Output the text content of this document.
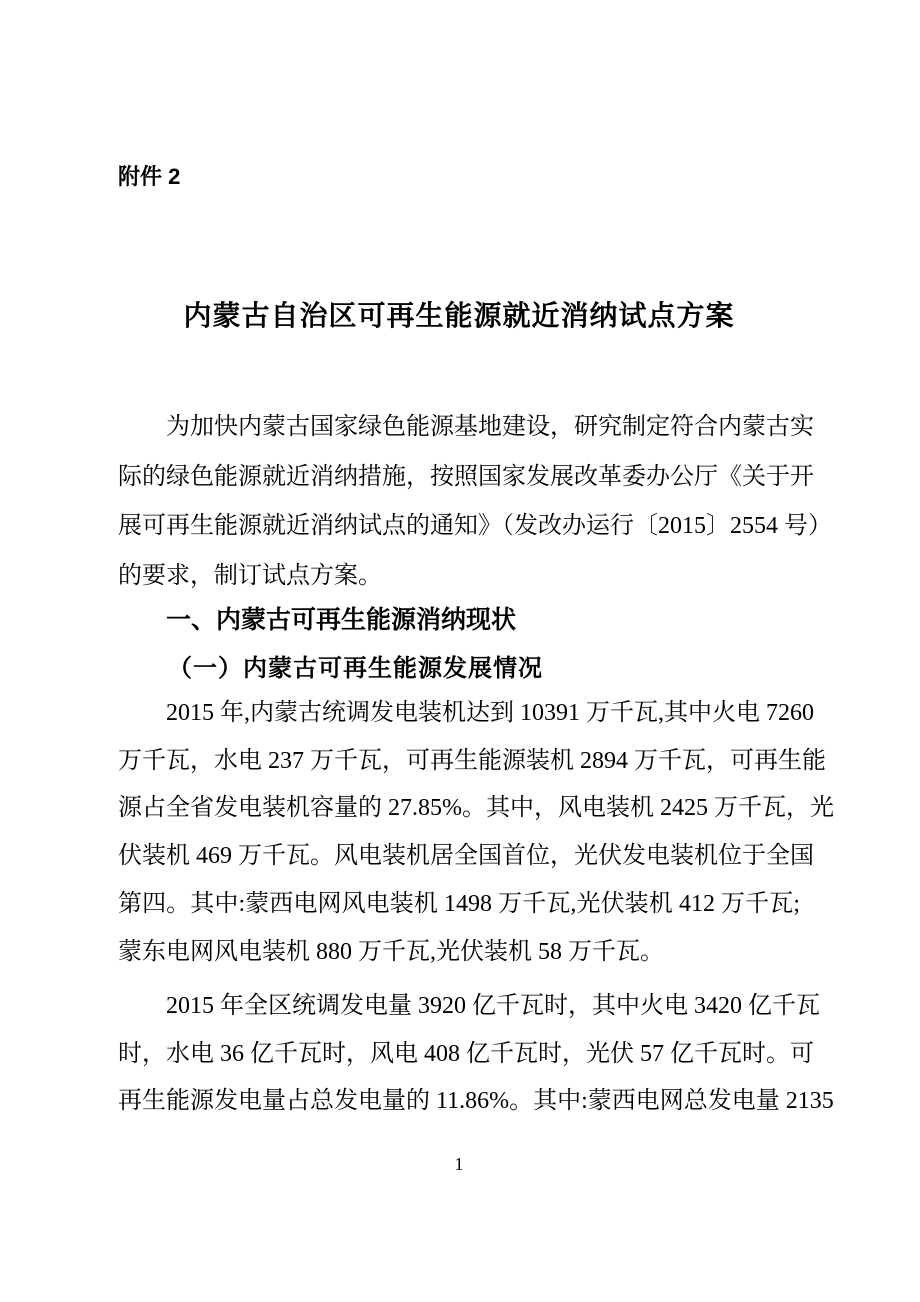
附件 2
内蒙古自治区可再生能源就近消纳试点方案
为加快内蒙古国家绿色能源基地建设，研究制定符合内蒙古实
际的绿色能源就近消纳措施，按照国家发展改革委办公厅《关于开
展可再生能源就近消纳试点的通知》（发改办运行〔2015〕2554 号）
的要求，制订试点方案。
一、内蒙古可再生能源消纳现状
（一）内蒙古可再生能源发展情况
2015 年,内蒙古统调发电装机达到 10391 万千瓦,其中火电 7260
万千瓦，水电 237 万千瓦，可再生能源装机 2894 万千瓦，可再生能
源占全省发电装机容量的 27.85%。其中，风电装机 2425 万千瓦，光
伏装机 469 万千瓦。风电装机居全国首位，光伏发电装机位于全国
第四。其中:蒙西电网风电装机 1498 万千瓦,光伏装机 412 万千瓦;
蒙东电网风电装机 880 万千瓦,光伏装机 58 万千瓦。
2015 年全区统调发电量 3920 亿千瓦时，其中火电 3420 亿千瓦
时，水电 36 亿千瓦时，风电 408 亿千瓦时，光伏 57 亿千瓦时。可
再生能源发电量占总发电量的 11.86%。其中:蒙西电网总发电量 2135
1
